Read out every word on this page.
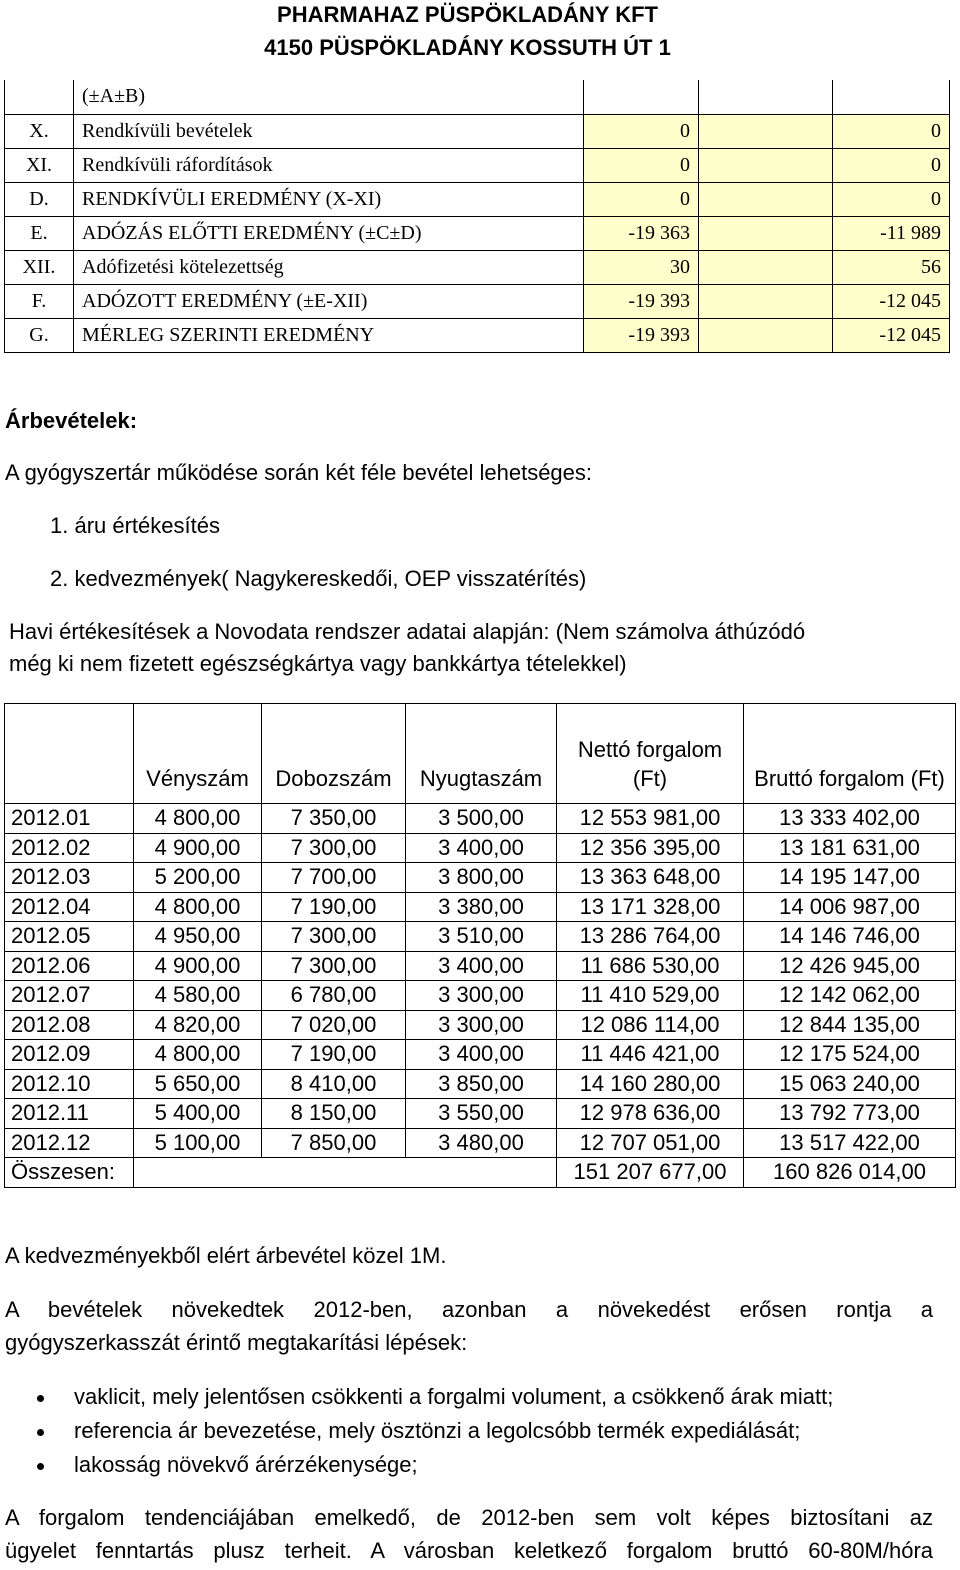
PHARMAHAZ PÜSPÖKLADÁNY KFT
4150 PÜSPÖKLADÁNY KOSSUTH ÚT 1
	(±A±B)			
X.	Rendkívüli bevételek	0		0
XI.	Rendkívüli ráfordítások	0		0
D.	RENDKÍVÜLI EREDMÉNY (X-XI)	0		0
E.	ADÓZÁS ELŐTTI EREDMÉNY (±C±D)	-19 363		-11 989
XII.	Adófizetési kötelezettség	30		56
F.	ADÓZOTT EREDMÉNY (±E-XII)	-19 393		-12 045
G.	MÉRLEG SZERINTI EREDMÉNY	-19 393		-12 045
Árbevételek:
A gyógyszertár működése során két féle bevétel lehetséges:
1. áru értékesítés
2. kedvezmények( Nagykereskedői, OEP visszatérítés)
Havi értékesítések a Novodata rendszer adatai alapján: (Nem számolva áthúzódó
még ki nem fizetett egészségkártya vagy bankkártya tételekkel)
	Vényszám	Dobozszám	Nyugtaszám	Nettó forgalom (Ft)	Bruttó forgalom (Ft)
2012.01	4 800,00	7 350,00	3 500,00	12 553 981,00	13 333 402,00
2012.02	4 900,00	7 300,00	3 400,00	12 356 395,00	13 181 631,00
2012.03	5 200,00	7 700,00	3 800,00	13 363 648,00	14 195 147,00
2012.04	4 800,00	7 190,00	3 380,00	13 171 328,00	14 006 987,00
2012.05	4 950,00	7 300,00	3 510,00	13 286 764,00	14 146 746,00
2012.06	4 900,00	7 300,00	3 400,00	11 686 530,00	12 426 945,00
2012.07	4 580,00	6 780,00	3 300,00	11 410 529,00	12 142 062,00
2012.08	4 820,00	7 020,00	3 300,00	12 086 114,00	12 844 135,00
2012.09	4 800,00	7 190,00	3 400,00	11 446 421,00	12 175 524,00
2012.10	5 650,00	8 410,00	3 850,00	14 160 280,00	15 063 240,00
2012.11	5 400,00	8 150,00	3 550,00	12 978 636,00	13 792 773,00
2012.12	5 100,00	7 850,00	3 480,00	12 707 051,00	13 517 422,00
Összesen:				151 207 677,00	160 826 014,00
A kedvezményekből elért árbevétel közel 1M.
A bevételek növekedtek 2012-ben, azonban a növekedést erősen rontja a
gyógyszerkasszát érintő megtakarítási lépések:
vaklicit, mely jelentősen csökkenti a forgalmi volument, a csökkenő árak miatt;
referencia ár bevezetése, mely ösztönzi a legolcsóbb termék expediálását;
lakosság növekvő árérzékenysége;
A forgalom tendenciájában emelkedő, de 2012-ben sem volt képes biztosítani az
ügyelet fenntartás plusz terheit. A városban keletkező forgalom bruttó 60-80M/hóra
